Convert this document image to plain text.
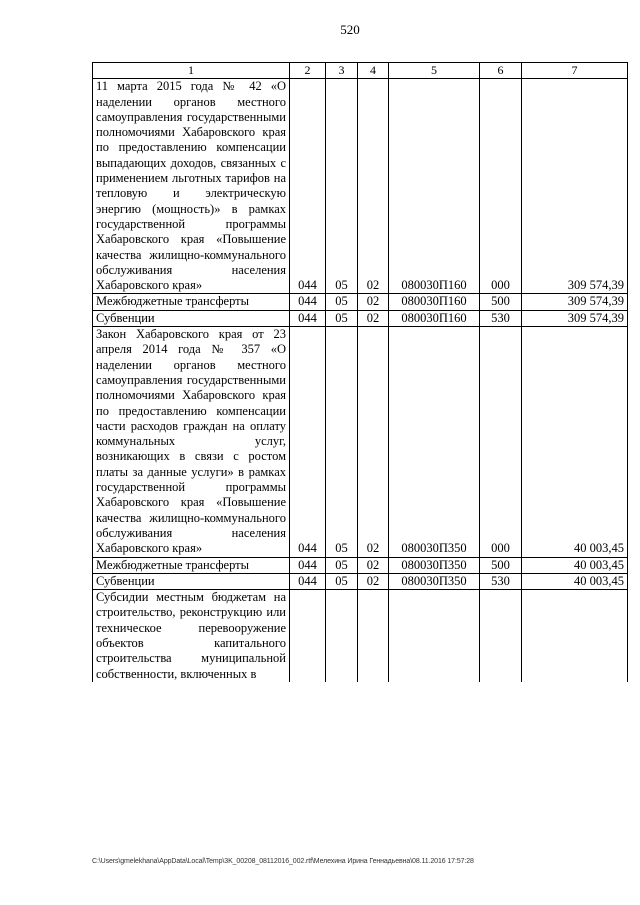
520
1	2	3	4	5	6	7
11 марта 2015 года № 42 «О наделении органов местного самоуправления государственными полномочиями Хабаровского края по предоставлению компенсации выпадающих доходов, связанных с применением льготных тарифов на тепловую и электрическую энергию (мощность)» в рамках государственной программы Хабаровского края «Повышение качества жилищно-коммунального обслуживания населения Хабаровского края»	044	05	02	080030П160	000	309 574,39
Межбюджетные трансферты	044	05	02	080030П160	500	309 574,39
Субвенции	044	05	02	080030П160	530	309 574,39
Закон Хабаровского края от 23 апреля 2014 года № 357 «О наделении органов местного самоуправления государственными полномочиями Хабаровского края по предоставлению компенсации части расходов граждан на оплату коммунальных услуг, возникающих в связи с ростом платы за данные услуги» в рамках государственной программы Хабаровского края «Повышение качества жилищно-коммунального обслуживания населения Хабаровского края»	044	05	02	080030П350	000	40 003,45
Межбюджетные трансферты	044	05	02	080030П350	500	40 003,45
Субвенции	044	05	02	080030П350	530	40 003,45
Субсидии местным бюджетам на строительство, реконструкцию или техническое перевооружение объектов капитального строительства муниципальной собственности, включенных в						
C:\Users\gmelekhana\AppData\Local\Temp\3K_00208_08112016_002.rtf\Мелехина Ирина Геннадьевна\08.11.2016 17:57:28
